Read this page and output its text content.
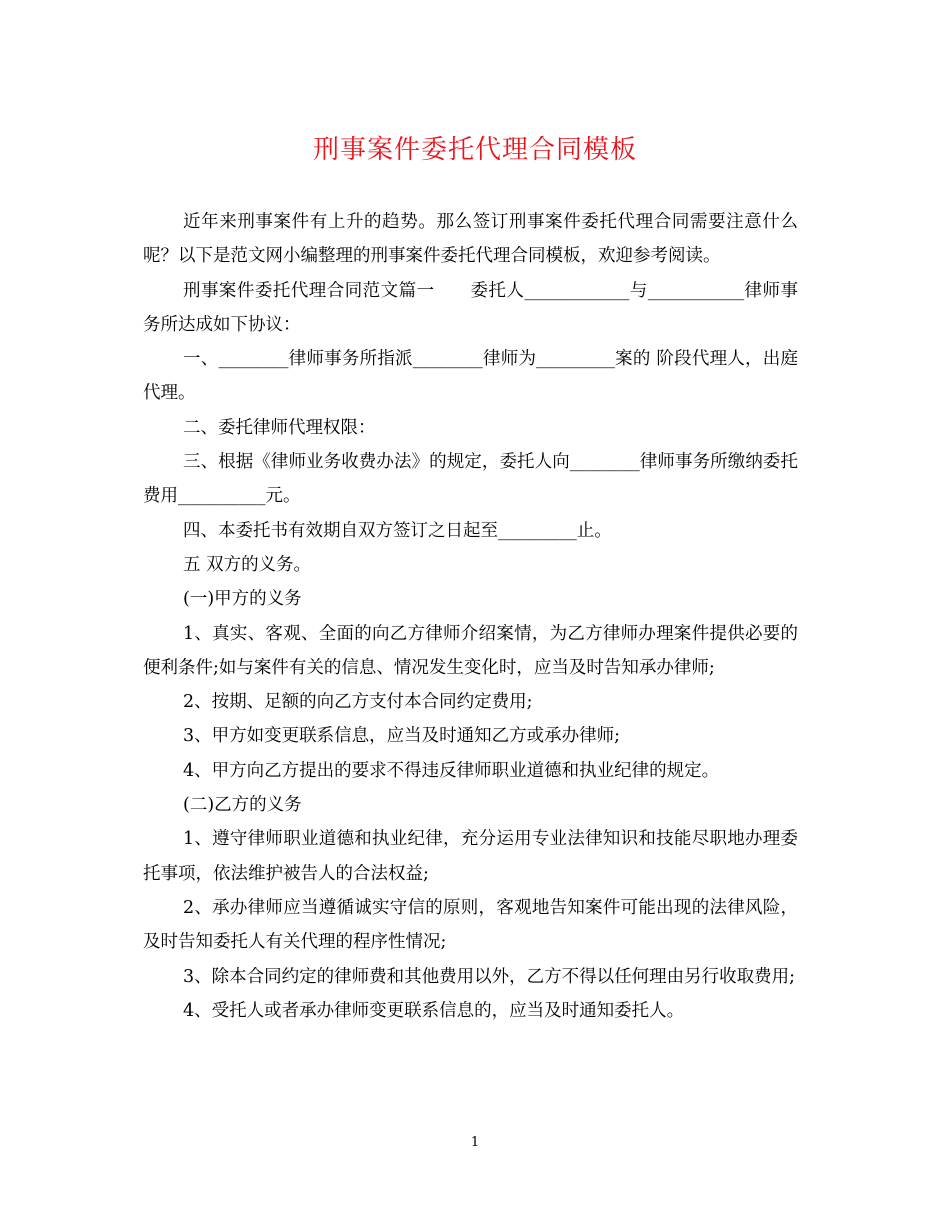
刑事案件委托代理合同模板

近年来刑事案件有上升的趋势。那么签订刑事案件委托代理合同需要注意什么呢？以下是范文网小编整理的刑事案件委托代理合同模板，欢迎参考阅读。

刑事案件委托代理合同范文篇一　　委托人____________与___________律师事务所达成如下协议：

一、________律师事务所指派________律师为_________案的 阶段代理人，出庭代理。

二、委托律师代理权限：

三、根据《律师业务收费办法》的规定，委托人向________律师事务所缴纳委托费用__________元。

四、本委托书有效期自双方签订之日起至_________止。

五 双方的义务。

(一)甲方的义务

1、真实、客观、全面的向乙方律师介绍案情，为乙方律师办理案件提供必要的便利条件;如与案件有关的信息、情况发生变化时，应当及时告知承办律师;

2、按期、足额的向乙方支付本合同约定费用;

3、甲方如变更联系信息，应当及时通知乙方或承办律师;

4、甲方向乙方提出的要求不得违反律师职业道德和执业纪律的规定。

(二)乙方的义务

1、遵守律师职业道德和执业纪律，充分运用专业法律知识和技能尽职地办理委托事项，依法维护被告人的合法权益;

2、承办律师应当遵循诚实守信的原则，客观地告知案件可能出现的法律风险，及时告知委托人有关代理的程序性情况;

3、除本合同约定的律师费和其他费用以外，乙方不得以任何理由另行收取费用;

4、受托人或者承办律师变更联系信息的，应当及时通知委托人。

1
